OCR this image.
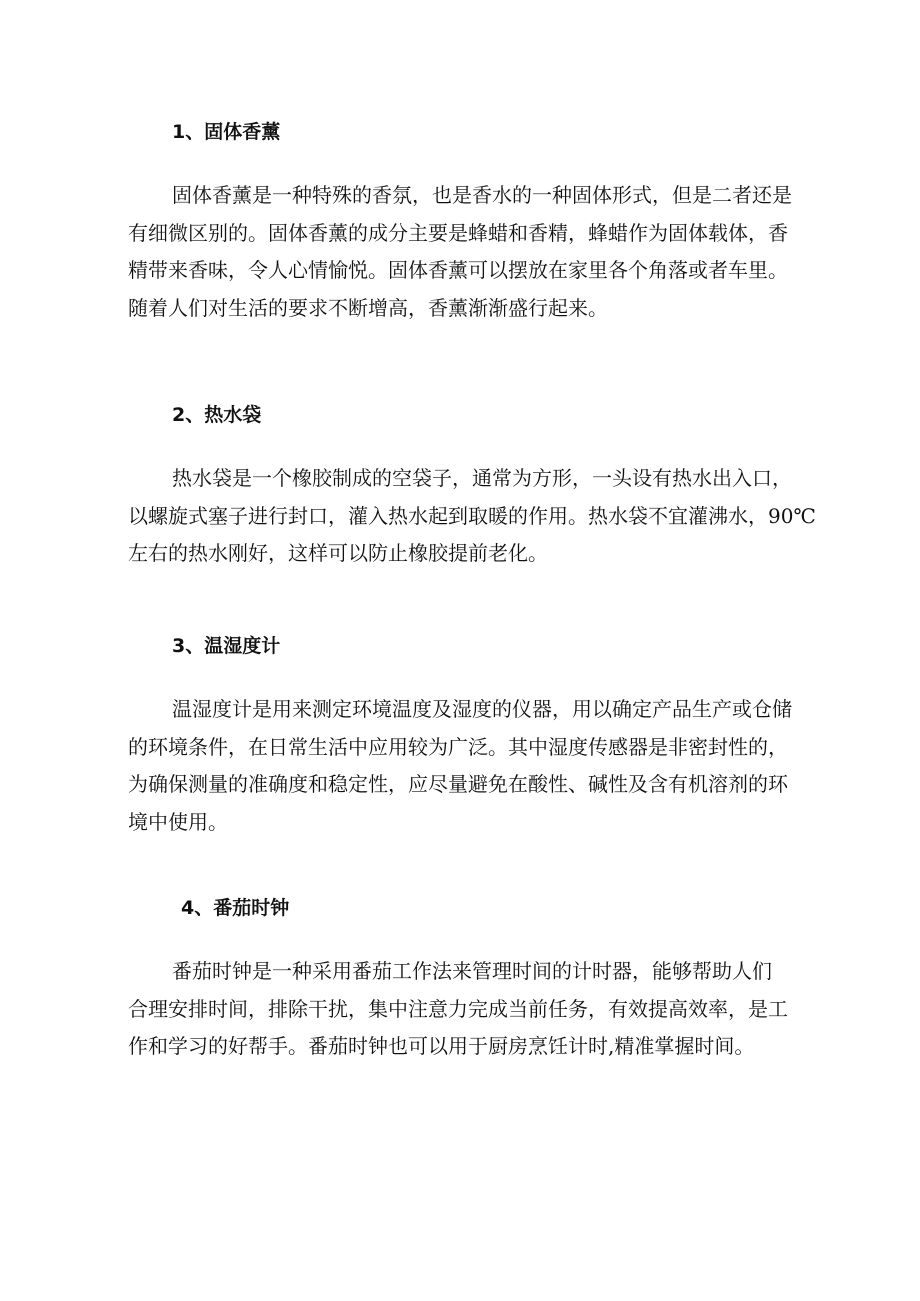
1、固体香薰
固体香薰是一种特殊的香氛，也是香水的一种固体形式，但是二者还是
有细微区别的。固体香薰的成分主要是蜂蜡和香精，蜂蜡作为固体载体，香
精带来香味，令人心情愉悦。固体香薰可以摆放在家里各个角落或者车里。
随着人们对生活的要求不断增高，香薰渐渐盛行起来。
2、热水袋
热水袋是一个橡胶制成的空袋子，通常为方形，一头设有热水出入口，
以螺旋式塞子进行封口，灌入热水起到取暖的作用。热水袋不宜灌沸水，90℃
左右的热水刚好，这样可以防止橡胶提前老化。
3、温湿度计
温湿度计是用来测定环境温度及湿度的仪器，用以确定产品生产或仓储
的环境条件，在日常生活中应用较为广泛。其中湿度传感器是非密封性的，
为确保测量的准确度和稳定性，应尽量避免在酸性、碱性及含有机溶剂的环
境中使用。
4、番茄时钟
番茄时钟是一种采用番茄工作法来管理时间的计时器，能够帮助人们
合理安排时间，排除干扰，集中注意力完成当前任务，有效提高效率，是工
作和学习的好帮手。番茄时钟也可以用于厨房烹饪计时,精准掌握时间。
